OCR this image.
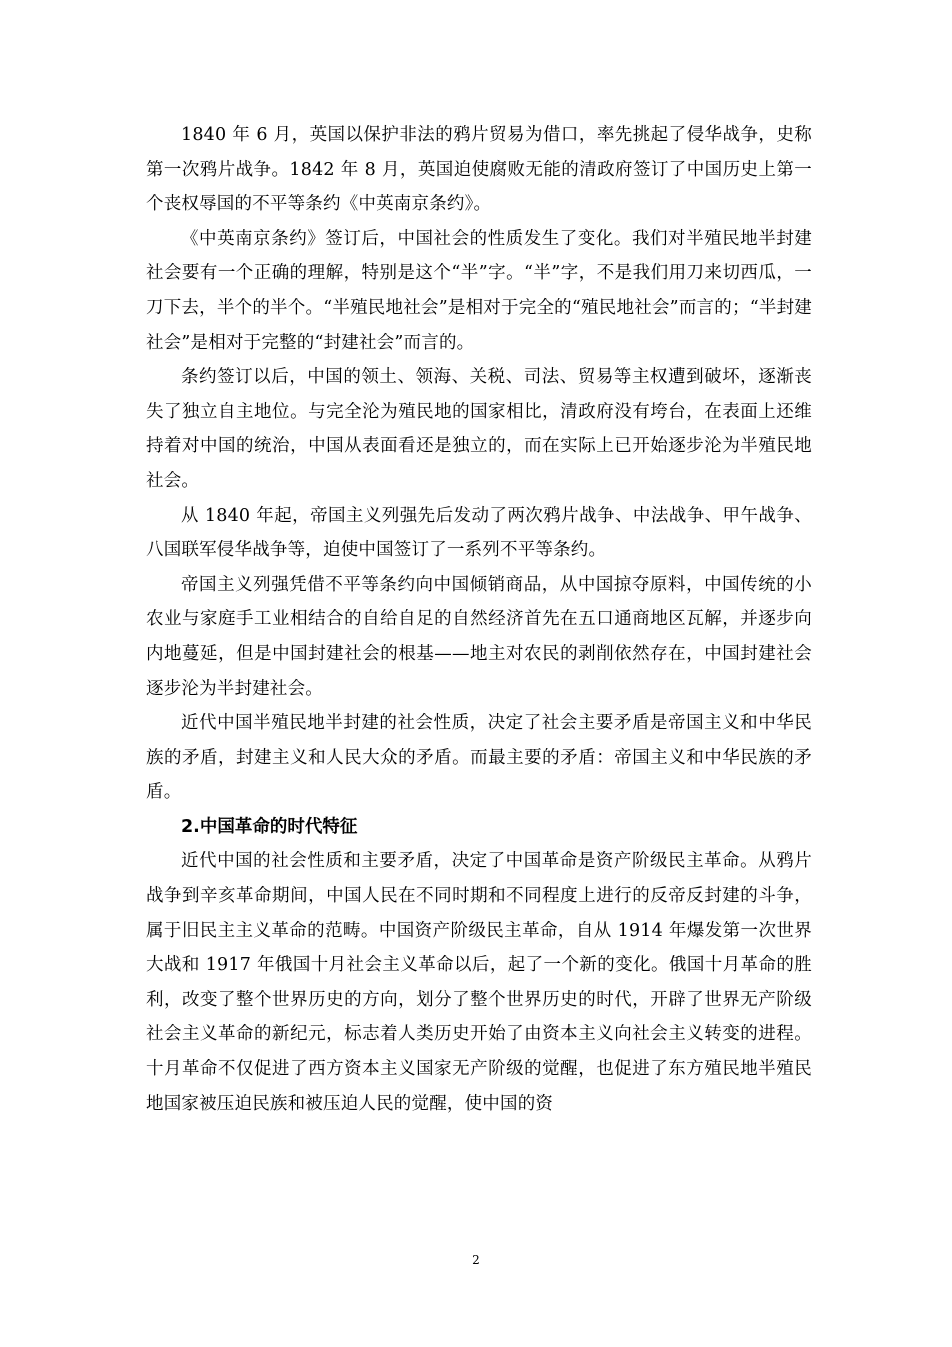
1840 年 6 月，英国以保护非法的鸦片贸易为借口，率先挑起了侵华战争，史称第一次鸦片战争。1842 年 8 月，英国迫使腐败无能的清政府签订了中国历史上第一个丧权辱国的不平等条约《中英南京条约》。

《中英南京条约》签订后，中国社会的性质发生了变化。我们对半殖民地半封建社会要有一个正确的理解，特别是这个“半”字。“半”字，不是我们用刀来切西瓜，一刀下去，半个的半个。“半殖民地社会”是相对于完全的“殖民地社会”而言的；“半封建社会”是相对于完整的“封建社会”而言的。

条约签订以后，中国的领土、领海、关税、司法、贸易等主权遭到破坏，逐渐丧失了独立自主地位。与完全沦为殖民地的国家相比，清政府没有垮台，在表面上还维持着对中国的统治，中国从表面看还是独立的，而在实际上已开始逐步沦为半殖民地社会。

从 1840 年起，帝国主义列强先后发动了两次鸦片战争、中法战争、甲午战争、八国联军侵华战争等，迫使中国签订了一系列不平等条约。

帝国主义列强凭借不平等条约向中国倾销商品，从中国掠夺原料，中国传统的小农业与家庭手工业相结合的自给自足的自然经济首先在五口通商地区瓦解，并逐步向内地蔓延，但是中国封建社会的根基——地主对农民的剥削依然存在，中国封建社会逐步沦为半封建社会。

近代中国半殖民地半封建的社会性质，决定了社会主要矛盾是帝国主义和中华民族的矛盾，封建主义和人民大众的矛盾。而最主要的矛盾：帝国主义和中华民族的矛盾。

2.中国革命的时代特征

近代中国的社会性质和主要矛盾，决定了中国革命是资产阶级民主革命。从鸦片战争到辛亥革命期间，中国人民在不同时期和不同程度上进行的反帝反封建的斗争，属于旧民主主义革命的范畴。中国资产阶级民主革命，自从 1914 年爆发第一次世界大战和 1917 年俄国十月社会主义革命以后，起了一个新的变化。俄国十月革命的胜利，改变了整个世界历史的方向，划分了整个世界历史的时代，开辟了世界无产阶级社会主义革命的新纪元，标志着人类历史开始了由资本主义向社会主义转变的进程。十月革命不仅促进了西方资本主义国家无产阶级的觉醒，也促进了东方殖民地半殖民地国家被压迫民族和被压迫人民的觉醒，使中国的资

2
